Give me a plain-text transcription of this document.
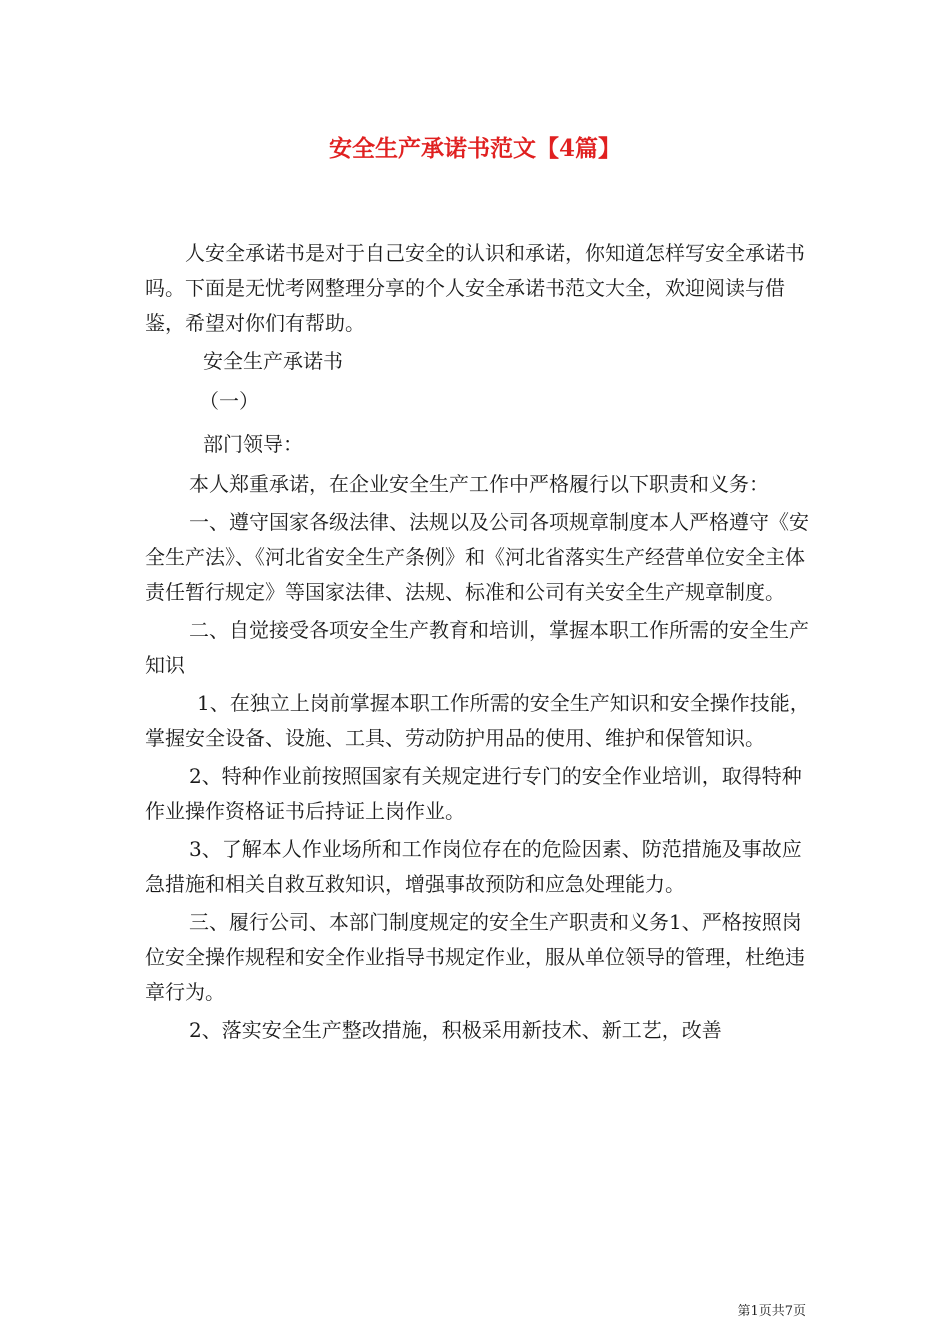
安全生产承诺书范文【4篇】

人安全承诺书是对于自己安全的认识和承诺，你知道怎样写安全承诺书吗。下面是无忧考网整理分享的个人安全承诺书范文大全，欢迎阅读与借鉴，希望对你们有帮助。

安全生产承诺书

（一）

部门领导：

本人郑重承诺，在企业安全生产工作中严格履行以下职责和义务：

一、遵守国家各级法律、法规以及公司各项规章制度本人严格遵守《安全生产法》、《河北省安全生产条例》和《河北省落实生产经营单位安全主体责任暂行规定》等国家法律、法规、标准和公司有关安全生产规章制度。

二、自觉接受各项安全生产教育和培训，掌握本职工作所需的安全生产知识

1、在独立上岗前掌握本职工作所需的安全生产知识和安全操作技能，掌握安全设备、设施、工具、劳动防护用品的使用、维护和保管知识。

2、特种作业前按照国家有关规定进行专门的安全作业培训，取得特种作业操作资格证书后持证上岗作业。

3、了解本人作业场所和工作岗位存在的危险因素、防范措施及事故应急措施和相关自救互救知识，增强事故预防和应急处理能力。

三、履行公司、本部门制度规定的安全生产职责和义务1、严格按照岗位安全操作规程和安全作业指导书规定作业，服从单位领导的管理，杜绝违章行为。

2、落实安全生产整改措施，积极采用新技术、新工艺，改善

第1页共7页
